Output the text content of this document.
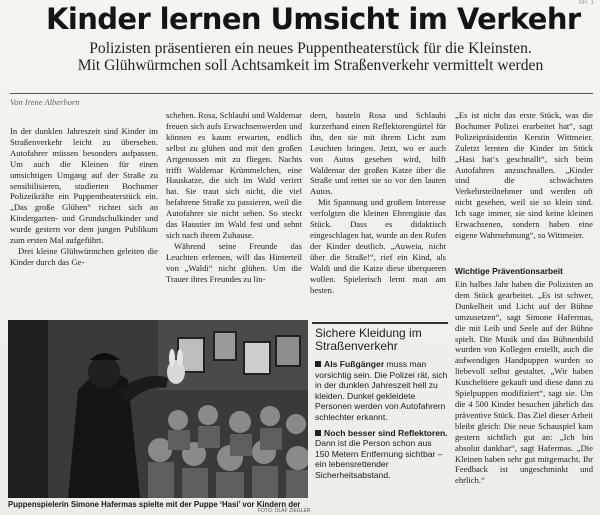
NR. 1
Kinder lernen Umsicht im Verkehr
Polizisten präsentieren ein neues Puppentheaterstück für die Kleinsten.
Mit Glühwürmchen soll Achtsamkeit im Straßenverkehr vermittelt werden
Von Irene Alberborn

In der dunklen Jahreszeit sind Kinder im Straßenverkehr leicht zu übersehen. Autofahrer müssen besonders aufpassen. Um auch die Kleinen für einen umsichtigen Umgang auf der Straße zu sensibilisieren, studierten Bochumer Polizeikräfte ein Puppentheaterstück ein. „Das große Glühen“ richtet sich an Kindergarten- und Grundschulkinder und wurde gestern vor dem jungen Publikum zum ersten Mal aufgeführt.

Drei kleine Glühwürmchen geleiten die Kinder durch das Ge-

schehen. Rosa, Schlaubi und Waldemar freuen sich aufs Erwachsenwerden und können es kaum erwarten, endlich selbst zu glühen und mit den großen Artgenossen mit zu fliegen. Nachts trifft Waldemar Krümmelchen, eine Hauskatze, die sich im Wald verirrt hat. Sie traut sich nicht, die viel befahrene Straße zu passieren, weil die Autofahrer sie nicht sehen. So steckt das Haustier im Wald fest und sehnt sich nach ihrem Zuhause.

Während seine Freunde das Leuchten erlernen, will das Hinterteil von „Waldi“ nicht glühen. Um die Trauer ihres Freundes zu lin-

dern, basteln Rosa und Schlaubi kurzerhand einen Reflektorengürtel für ihn, den sie mit ihrem Licht zum Leuchten bringen. Jetzt, wo er auch von Autos gesehen wird, hilft Waldemar der großen Katze über die Straße und rettet sie so vor den lauten Autos.

Mit Spannung und großem Interesse verfolgten die kleinen Ehrengäste das Stück. Dass es didaktisch eingeschlagen hat, wurde an den Rufen der Kinder deutlich. „Auweia, nicht über die Straße!“, rief ein Kind, als Waldi und die Katze diese überqueren wollen. Spielerisch lernt man am besten.

„Es ist nicht das erste Stück, was die Bochumer Polizei erarbeitet hat“, sagt Polizeipräsidentin Kerstin Wittmeier. Zuletzt lernten die Kinder im Stück „Hasi hat‘s geschnallt“, sich beim Autofahren anzuschnallen. „Kinder sind die schwächsten Verkehrsteilnehmer und werden oft nicht gesehen, weil sie so klein sind. Ich sage immer, sie sind keine kleinen Erwachsenen, sondern haben eine eigene Wahrnehmung“, so Wittmeier.

Wichtige Präventionsarbeit

Ein halbes Jahr haben die Polizisten an dem Stück gearbeitet. „Es ist schwer, Dunkelheit und Licht auf der Bühne umzusetzen“, sagt Simone Hafermas, die mit Leib und Seele auf der Bühne spielt. Die Musik und das Bühnenbild wurden von Kollegen erstellt, auch die aufwendigen Handpuppen wurden so liebevoll selbst gestaltet. „Wir haben Kuscheltiere gekauft und diese dann zu Spielpuppen modifiziert“, sagt sie. Um die 4 500 Kinder besuchen jährlich das präventive Stück. Das Ziel dieser Arbeit bleibt gleich: Die neue Schauspiel kam gestern sichtlich gut an: „Ich bin absolut dankbar“, sagt Hafermas. „Die Kleinen haben sehr gut mitgemacht. Ihr Feedback ist ungeschminkt und ehrlich.“

Puppenspielerin Simone Hafermas spielte mit der Puppe ‘Hasi’ vor Kindern der
FOTO: OLAF ZIEGLER
Sichere Kleidung im
Straßenverkehr
Als Fußgänger muss man vorsichtig sein. Die Polizei rät, sich in der dunklen Jahreszeit hell zu kleiden. Dunkel gekleidete Personen werden von Autofahrern schlechter erkannt.
Noch besser sind Reflektoren. Dann ist die Person schon aus 150 Metern Entfernung sichtbar – ein lebensrettender Sicherheitsabstand.
